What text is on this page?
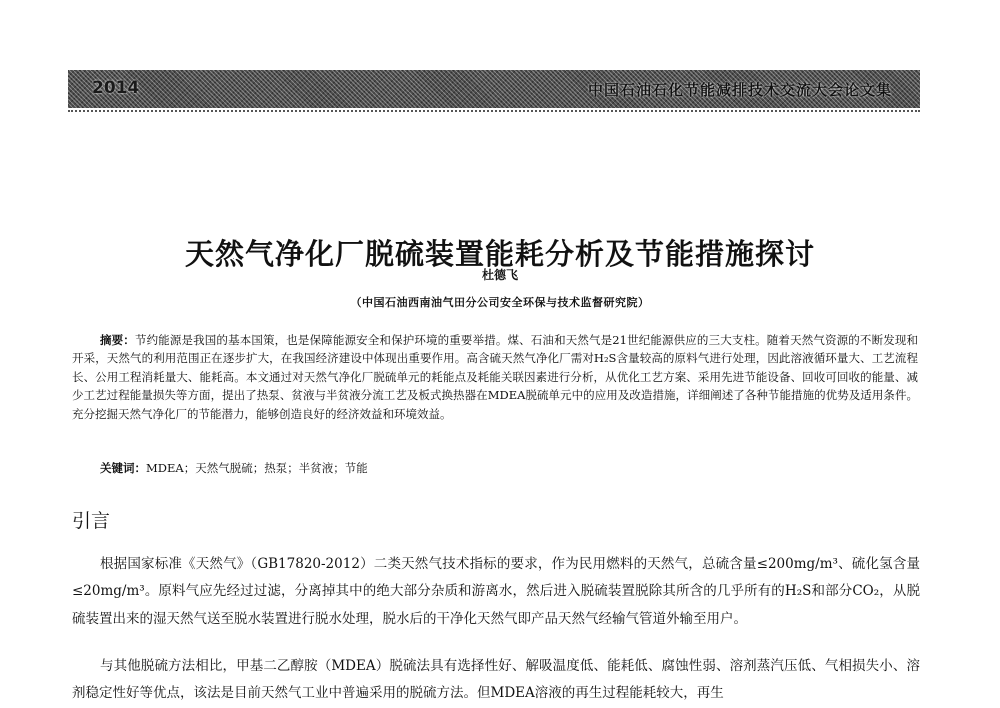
2014	中国石油石化节能减排技术交流大会论文集
天然气净化厂脱硫装置能耗分析及节能措施探讨
杜德飞
（中国石油西南油气田分公司安全环保与技术监督研究院）

摘要：节约能源是我国的基本国策，也是保障能源安全和保护环境的重要举措。煤、石油和天然气是21世纪能源供应的三大支柱。随着天然气资源的不断发现和开采，天然气的利用范围正在逐步扩大，在我国经济建设中体现出重要作用。高含硫天然气净化厂需对H₂S含量较高的原料气进行处理，因此溶液循环量大、工艺流程长、公用工程消耗量大、能耗高。本文通过对天然气净化厂脱硫单元的耗能点及耗能关联因素进行分析，从优化工艺方案、采用先进节能设备、回收可回收的能量、减少工艺过程能量损失等方面，提出了热泵、贫液与半贫液分流工艺及板式换热器在MDEA脱硫单元中的应用及改造措施，详细阐述了各种节能措施的优势及适用条件。充分挖掘天然气净化厂的节能潜力，能够创造良好的经济效益和环境效益。

关键词：MDEA；天然气脱硫；热泵；半贫液；节能

引言

根据国家标准《天然气》（GB17820-2012）二类天然气技术指标的要求，作为民用燃料的天然气，总硫含量≤200mg/m³、硫化氢含量≤20mg/m³。原料气应先经过过滤，分离掉其中的绝大部分杂质和游离水，然后进入脱硫装置脱除其所含的几乎所有的H₂S和部分CO₂，从脱硫装置出来的湿天然气送至脱水装置进行脱水处理，脱水后的干净化天然气即产品天然气经输气管道外输至用户。

与其他脱硫方法相比，甲基二乙醇胺（MDEA）脱硫法具有选择性好、解吸温度低、能耗低、腐蚀性弱、溶剂蒸汽压低、气相损失小、溶剂稳定性好等优点，该法是目前天然气工业中普遍采用的脱硫方法。但MDEA溶液的再生过程能耗较大，再生
